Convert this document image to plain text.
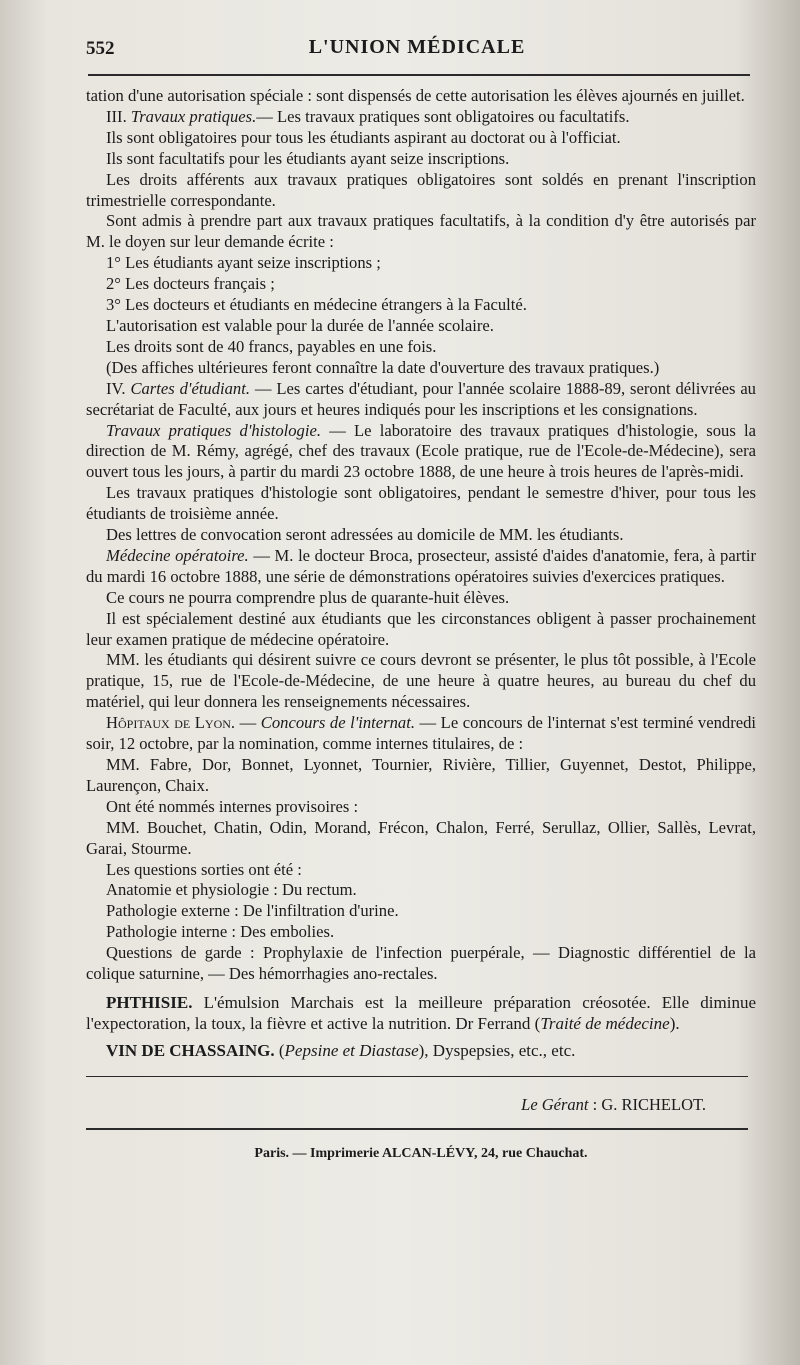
552	L'UNION MÉDICALE

tation d'une autorisation spéciale : sont dispensés de cette autorisation les élèves ajournés en juillet.

III. Travaux pratiques.— Les travaux pratiques sont obligatoires ou facultatifs.

Ils sont obligatoires pour tous les étudiants aspirant au doctorat ou à l'officiat.

Ils sont facultatifs pour les étudiants ayant seize inscriptions.

Les droits afférents aux travaux pratiques obligatoires sont soldés en prenant l'inscription trimestrielle correspondante.

Sont admis à prendre part aux travaux pratiques facultatifs, à la condition d'y être autorisés par M. le doyen sur leur demande écrite :

1° Les étudiants ayant seize inscriptions ;

2° Les docteurs français ;

3° Les docteurs et étudiants en médecine étrangers à la Faculté.

L'autorisation est valable pour la durée de l'année scolaire.

Les droits sont de 40 francs, payables en une fois.

(Des affiches ultérieures feront connaître la date d'ouverture des travaux pratiques.)

IV. Cartes d'étudiant. — Les cartes d'étudiant, pour l'année scolaire 1888-89, seront délivrées au secrétariat de Faculté, aux jours et heures indiqués pour les inscriptions et les consignations.

Travaux pratiques d'histologie. — Le laboratoire des travaux pratiques d'histologie, sous la direction de M. Rémy, agrégé, chef des travaux (Ecole pratique, rue de l'Ecole-de-Médecine), sera ouvert tous les jours, à partir du mardi 23 octobre 1888, de une heure à trois heures de l'après-midi.

Les travaux pratiques d'histologie sont obligatoires, pendant le semestre d'hiver, pour tous les étudiants de troisième année.

Des lettres de convocation seront adressées au domicile de MM. les étudiants.

Médecine opératoire. — M. le docteur Broca, prosecteur, assisté d'aides d'anatomie, fera, à partir du mardi 16 octobre 1888, une série de démonstrations opératoires suivies d'exercices pratiques.

Ce cours ne pourra comprendre plus de quarante-huit élèves.

Il est spécialement destiné aux étudiants que les circonstances obligent à passer prochainement leur examen pratique de médecine opératoire.

MM. les étudiants qui désirent suivre ce cours devront se présenter, le plus tôt possible, à l'Ecole pratique, 15, rue de l'Ecole-de-Médecine, de une heure à quatre heures, au bureau du chef du matériel, qui leur donnera les renseignements nécessaires.

Hôpitaux de Lyon. — Concours de l'internat. — Le concours de l'internat s'est terminé vendredi soir, 12 octobre, par la nomination, comme internes titulaires, de :

MM. Fabre, Dor, Bonnet, Lyonnet, Tournier, Rivière, Tillier, Guyennet, Destot, Philippe, Laurençon, Chaix.

Ont été nommés internes provisoires :

MM. Bouchet, Chatin, Odin, Morand, Frécon, Chalon, Ferré, Serullaz, Ollier, Sallès, Levrat, Garai, Stourme.

Les questions sorties ont été :

Anatomie et physiologie : Du rectum.

Pathologie externe : De l'infiltration d'urine.

Pathologie interne : Des embolies.

Questions de garde : Prophylaxie de l'infection puerpérale, — Diagnostic différentiel de la colique saturnine, — Des hémorrhagies ano-rectales.

PHTHISIE. L'émulsion Marchais est la meilleure préparation créosotée. Elle diminue l'expectoration, la toux, la fièvre et active la nutrition. Dr Ferrand (Traité de médecine).

VIN DE CHASSAING. (Pepsine et Diastase), Dyspepsies, etc., etc.

Le Gérant : G. RICHELOT.
Paris. — Imprimerie ALCAN-LÉVY, 24, rue Chauchat.
